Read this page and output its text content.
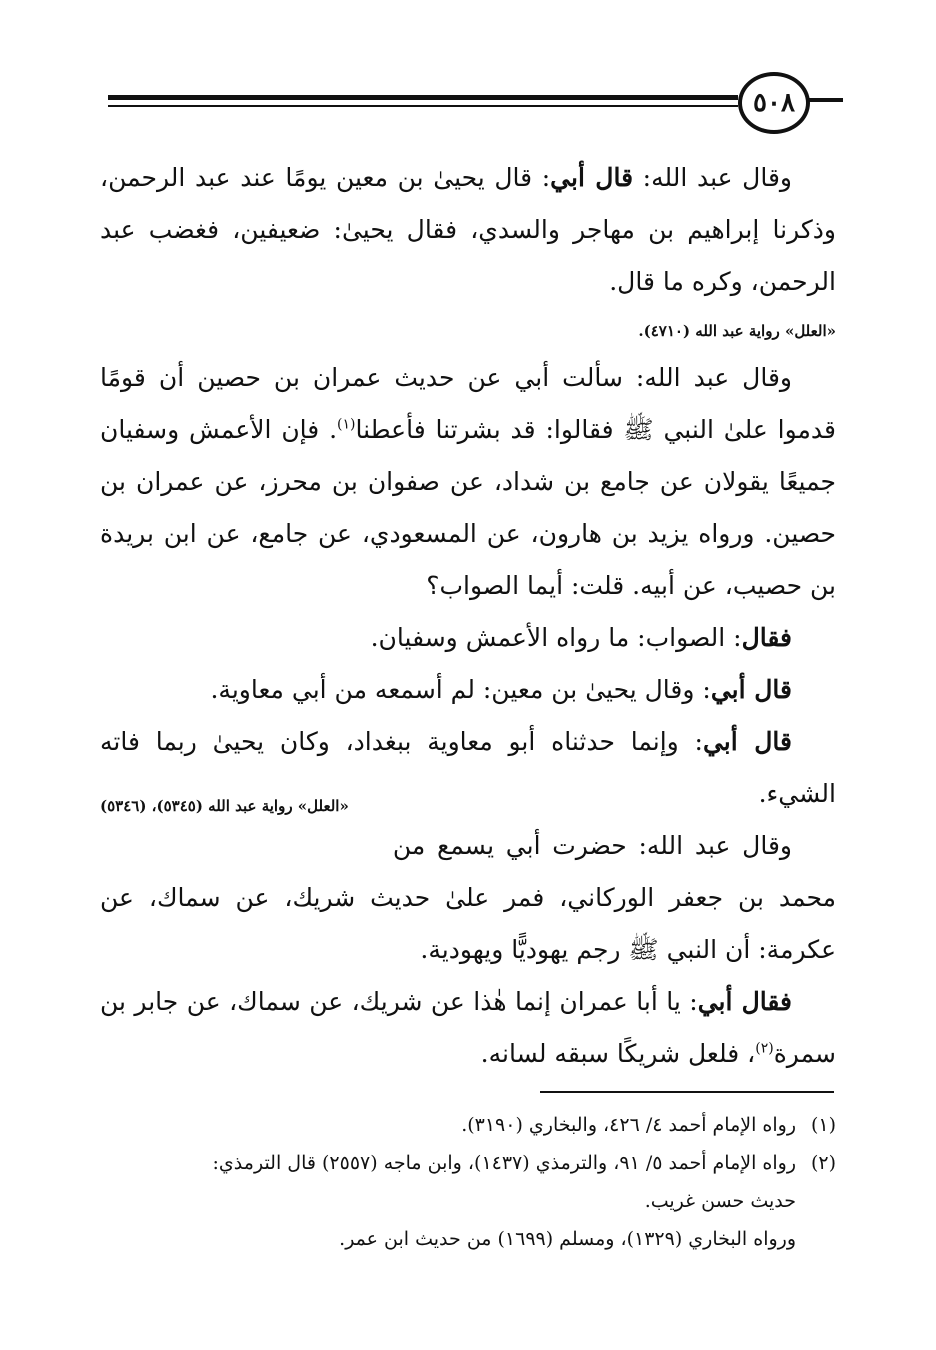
٥٠٨

وقال عبد الله: قال أبي: قال يحيىٰ بن معين يومًا عند عبد الرحمن، وذكرنا إبراهيم بن مهاجر والسدي، فقال يحيىٰ: ضعيفين، فغضب عبد الرحمن، وكره ما قال.

«العلل» رواية عبد الله (٤٧١٠).

وقال عبد الله: سألت أبي عن حديث عمران بن حصين أن قومًا قدموا علىٰ النبي ﷺ فقالوا: قد بشرتنا فأعطنا$^{(١)}$. فإن الأعمش وسفيان جميعًا يقولان عن جامع بن شداد، عن صفوان بن محرز، عن عمران بن حصين. ورواه يزيد بن هارون، عن المسعودي، عن جامع، عن ابن بريدة بن حصيب، عن أبيه. قلت: أيما الصواب؟

فقال: الصواب: ما رواه الأعمش وسفيان.

قال أبي: وقال يحيىٰ بن معين: لم أسمعه من أبي معاوية.

قال أبي: وإنما حدثناه أبو معاوية ببغداد، وكان يحيىٰ ربما فاته الشيء.
«العلل» رواية عبد الله (٥٣٤٥)، (٥٣٤٦)

وقال عبد الله: حضرت أبي يسمع من محمد بن جعفر الوركاني، فمر علىٰ حديث شريك، عن سماك، عن عكرمة: أن النبي ﷺ رجم يهوديًّا ويهودية.

فقال أبي: يا أبا عمران إنما هٰذا عن شريك، عن سماك، عن جابر بن سمرة$^{(٢)}$، فلعل شريكًا سبقه لسانه.

(١)رواه الإمام أحمد ٤/ ٤٢٦، والبخاري (٣١٩٠).

(٢)رواه الإمام أحمد ٥/ ٩١، والترمذي (١٤٣٧)، وابن ماجه (٢٥٥٧) قال الترمذي:

حديث حسن غريب.

ورواه البخاري (١٣٢٩)، ومسلم (١٦٩٩) من حديث ابن عمر.
